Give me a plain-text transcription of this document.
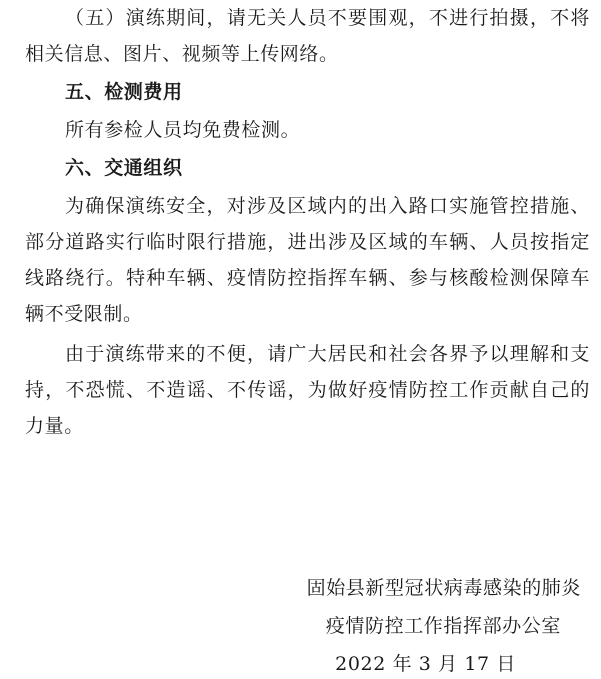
（五）演练期间，请无关人员不要围观，不进行拍摄，不将相关信息、图片、视频等上传网络。

五、检测费用

所有参检人员均免费检测。

六、交通组织

为确保演练安全，对涉及区域内的出入路口实施管控措施、部分道路实行临时限行措施，进出涉及区域的车辆、人员按指定线路绕行。特种车辆、疫情防控指挥车辆、参与核酸检测保障车辆不受限制。

由于演练带来的不便，请广大居民和社会各界予以理解和支持，不恐慌、不造谣、不传谣，为做好疫情防控工作贡献自己的力量。

固始县新型冠状病毒感染的肺炎

疫情防控工作指挥部办公室

2022 年 3 月 17 日
